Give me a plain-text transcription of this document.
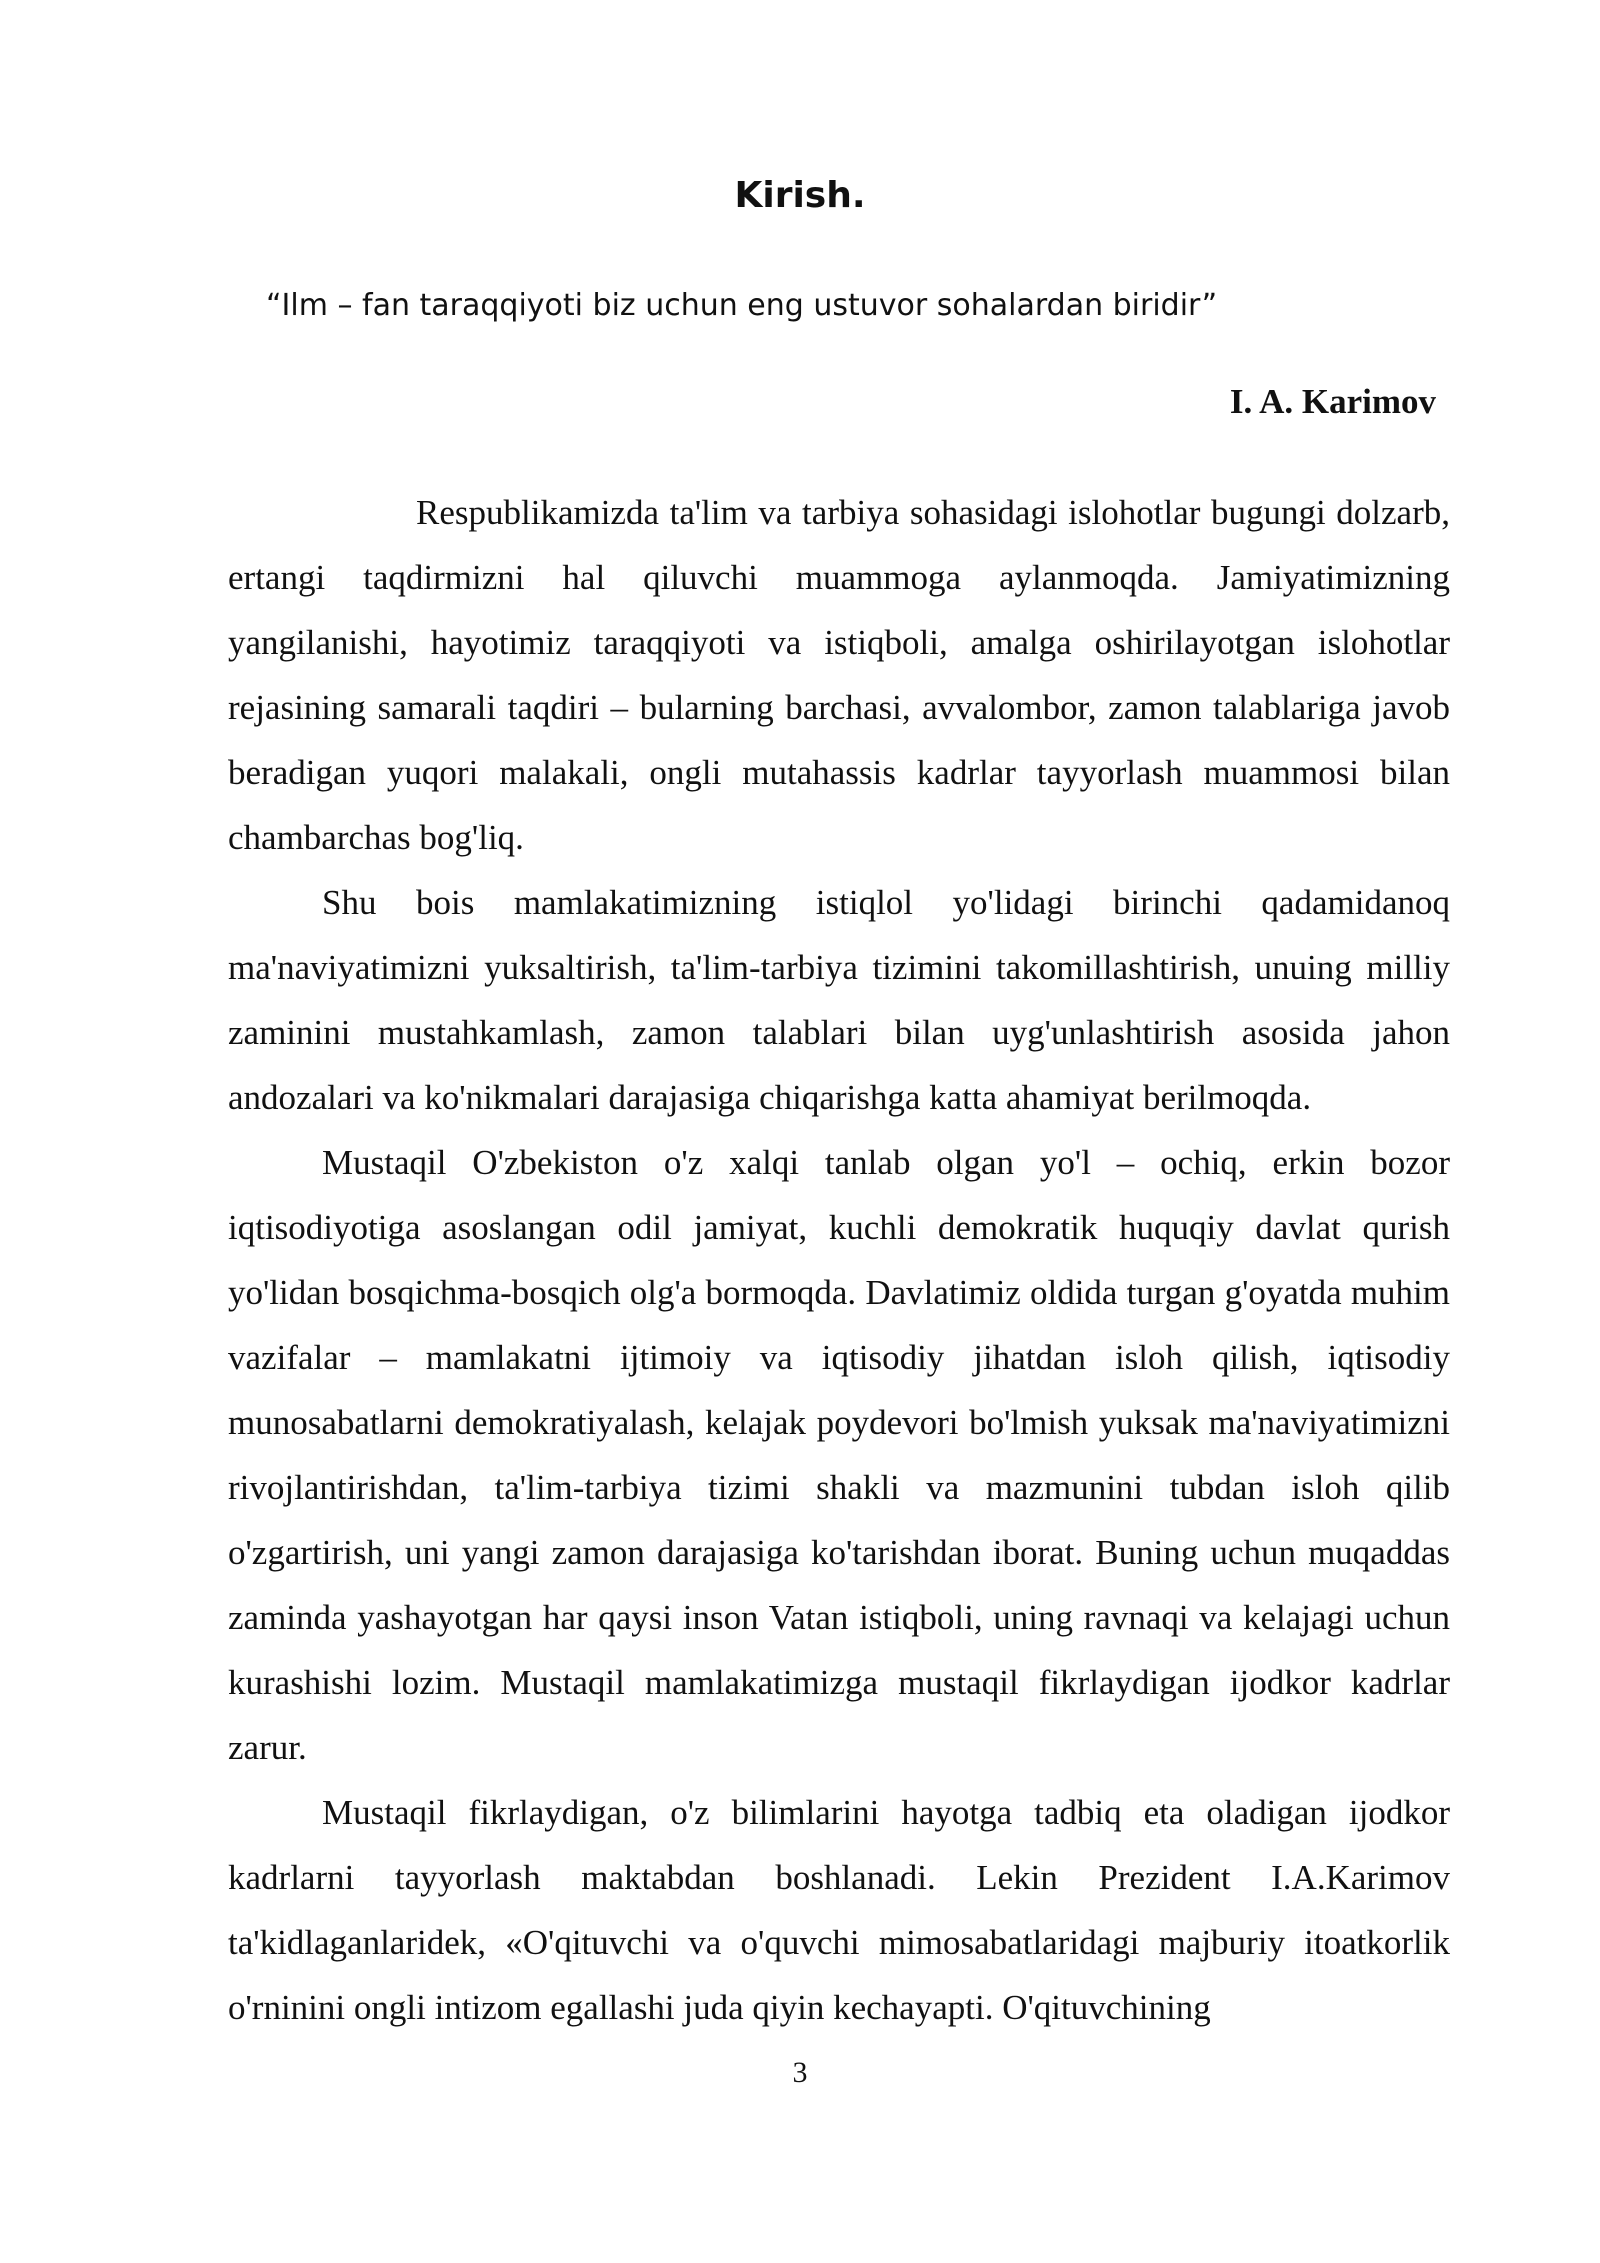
Kirish.
“Ilm – fan taraqqiyoti biz uchun eng ustuvor sohalardan biridir”
I. A. Karimov

Respublikamizda ta'lim va tarbiya sohasidagi islohotlar bugungi dolzarb, ertangi taqdirmizni hal qiluvchi muammoga aylanmoqda. Jamiyatimizning yangilanishi, hayotimiz taraqqiyoti va istiqboli, amalga oshirilayotgan islohotlar rejasining samarali taqdiri – bularning barchasi, avvalombor, zamon talablariga javob beradigan yuqori malakali, ongli mutahassis kadrlar tayyorlash muammosi bilan chambarchas bog'liq.

Shu bois mamlakatimizning istiqlol yo'lidagi birinchi qadamidanoq ma'naviyatimizni yuksaltirish, ta'lim-tarbiya tizimini takomillashtirish, unuing milliy zaminini mustahkamlash, zamon talablari bilan uyg'unlashtirish asosida jahon andozalari va ko'nikmalari darajasiga chiqarishga katta ahamiyat berilmoqda.

Mustaqil O'zbekiston o'z xalqi tanlab olgan yo'l – ochiq, erkin bozor iqtisodiyotiga asoslangan odil jamiyat, kuchli demokratik huquqiy davlat qurish yo'lidan bosqichma-bosqich olg'a bormoqda. Davlatimiz oldida turgan g'oyatda muhim vazifalar – mamlakatni ijtimoiy va iqtisodiy jihatdan isloh qilish, iqtisodiy munosabatlarni demokratiyalash, kelajak poydevori bo'lmish yuksak ma'naviyatimizni rivojlantirishdan, ta'lim-tarbiya tizimi shakli va mazmunini tubdan isloh qilib o'zgartirish, uni yangi zamon darajasiga ko'tarishdan iborat. Buning uchun muqaddas zaminda yashayotgan har qaysi inson Vatan istiqboli, uning ravnaqi va kelajagi uchun kurashishi lozim. Mustaqil mamlakatimizga mustaqil fikrlaydigan ijodkor kadrlar zarur.

Mustaqil fikrlaydigan, o'z bilimlarini hayotga tadbiq eta oladigan ijodkor kadrlarni tayyorlash maktabdan boshlanadi. Lekin Prezident I.A.Karimov ta'kidlaganlaridek, «O'qituvchi va o'quvchi mimosabatlaridagi majburiy itoatkorlik o'rninini ongli intizom egallashi juda qiyin kechayapti. O'qituvchining

3
